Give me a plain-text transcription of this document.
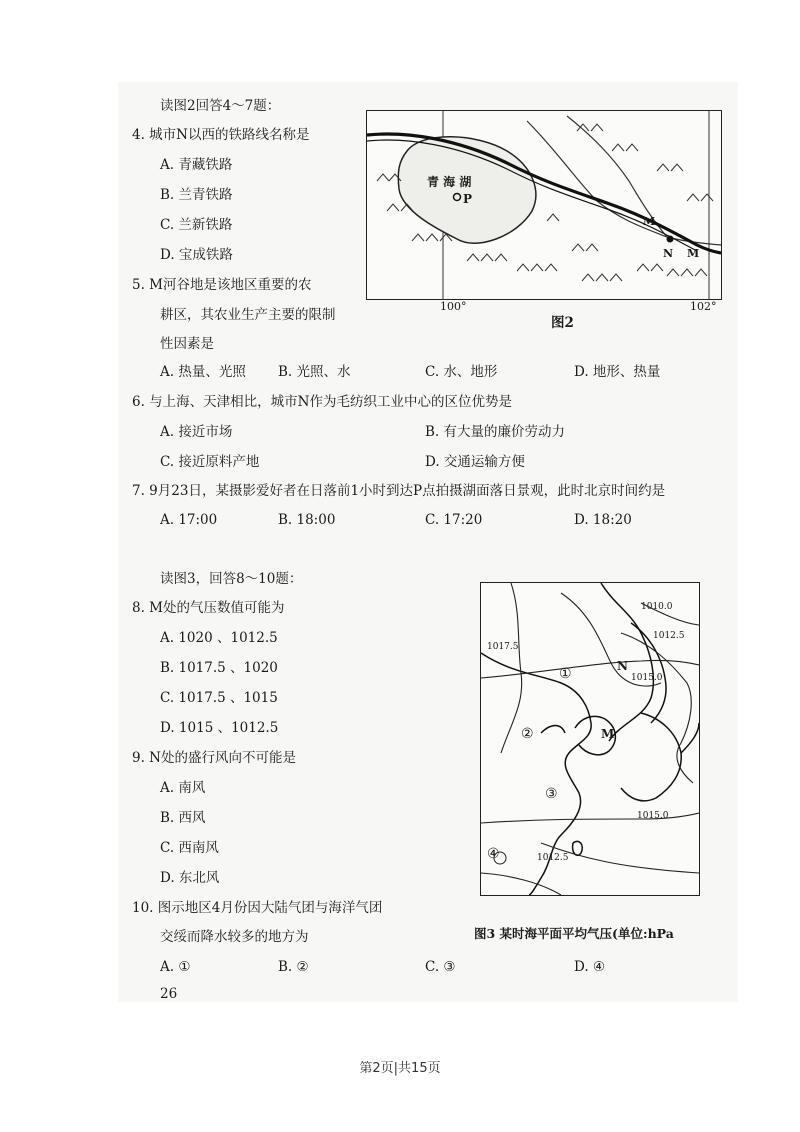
读图2回答4～7题：
4. 城市N以西的铁路线名称是
A. 青藏铁路
B. 兰青铁路
C. 兰新铁路
D. 宝成铁路
5. M河谷地是该地区重要的农
耕区，其农业生产主要的限制
性因素是
A. 热量、光照 B. 光照、水	C. 水、地形	D. 地形、热量
6. 与上海、天津相比，城市N作为毛纺织工业中心的区位优势是
A. 接近市场	B. 有大量的廉价劳动力
C. 接近原料产地	D. 交通运输方便
7. 9月23日，某摄影爱好者在日落前1小时到达P点拍摄湖面落日景观，此时北京时间约是
A. 17:00	B. 18:00	C. 17:20	D. 18:20
读图3，回答8～10题：
8. M处的气压数值可能为
A. 1020 、1012.5
B. 1017.5 、1020
C. 1017.5 、1015
D. 1015 、1012.5
9. N处的盛行风向不可能是
A. 南风
B. 西风
C. 西南风
D. 东北风
10. 图示地区4月份因大陆气团与海洋气团
交绥而降水较多的地方为
A. ①	B. ②	C. ③	D. ④
26
青 海 湖
P
M
N M
100°	102°
图2
1010.0
1012.5
1017.5
1015.0
1015.0
1012.5
①
②
③
④
N
M
图3 某时海平面平均气压(单位:hPa
第2页|共15页
